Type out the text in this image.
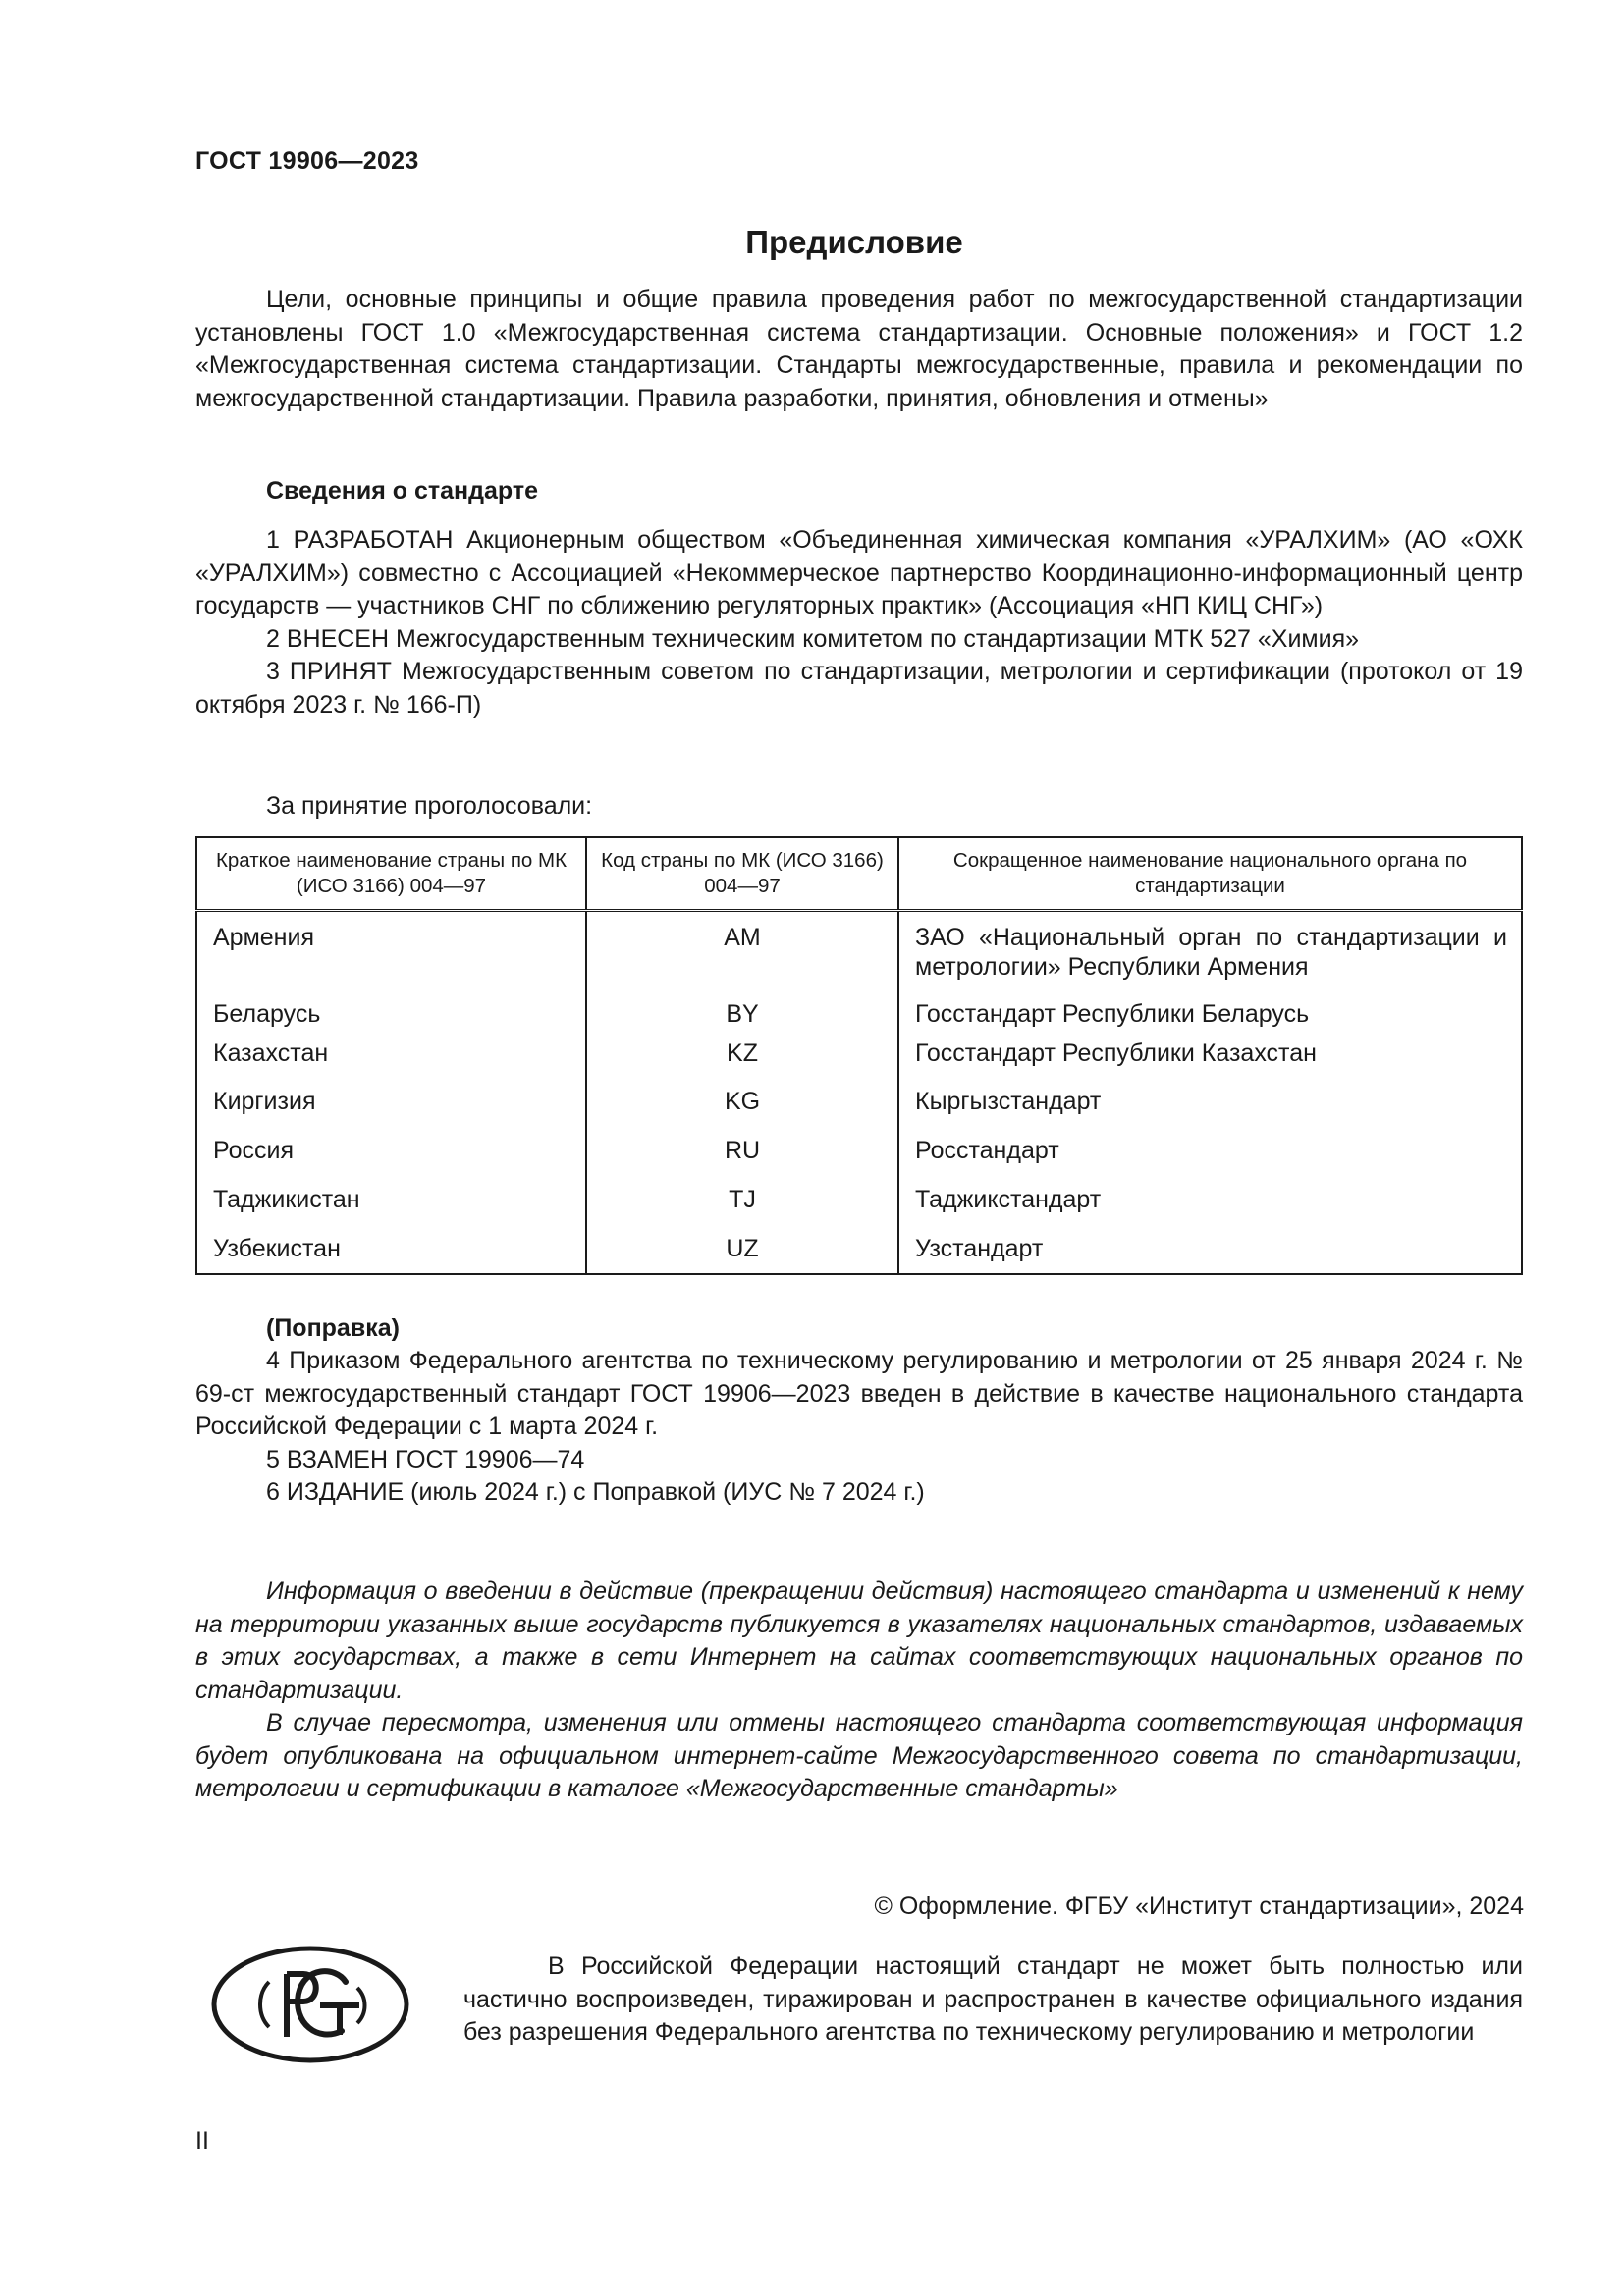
ГОСТ 19906—2023
Предисловие

Цели, основные принципы и общие правила проведения работ по межгосударственной стандартизации установлены ГОСТ 1.0 «Межгосударственная система стандартизации. Основные положения» и ГОСТ 1.2 «Межгосударственная система стандартизации. Стандарты межгосударственные, правила и рекомендации по межгосударственной стандартизации. Правила разработки, принятия, обновления и отмены»

Сведения о стандарте

1 РАЗРАБОТАН Акционерным обществом «Объединенная химическая компания «УРАЛХИМ» (АО «ОХК «УРАЛХИМ») совместно с Ассоциацией «Некоммерческое партнерство Координационно-информационный центр государств — участников СНГ по сближению регуляторных практик» (Ассоциация «НП КИЦ СНГ»)

2 ВНЕСЕН Межгосударственным техническим комитетом по стандартизации МТК 527 «Химия»

3 ПРИНЯТ Межгосударственным советом по стандартизации, метрологии и сертификации (протокол от 19 октября 2023 г. № 166-П)

За принятие проголосовали:

Краткое наименование страны по МК (ИСО 3166) 004—97	Код страны по МК (ИСО 3166) 004—97	Сокращенное наименование национального органа по стандартизации
Армения	AM	ЗАО «Национальный орган по стандартизации и метрологии» Республики Армения
Беларусь	BY	Госстандарт Республики Беларусь
Казахстан	KZ	Госстандарт Республики Казахстан
Киргизия	KG	Кыргызстандарт
Россия	RU	Росстандарт
Таджикистан	TJ	Таджикстандарт
Узбекистан	UZ	Узстандарт

(Поправка)

4 Приказом Федерального агентства по техническому регулированию и метрологии от 25 января 2024 г. № 69-ст межгосударственный стандарт ГОСТ 19906—2023 введен в действие в качестве национального стандарта Российской Федерации с 1 марта 2024 г.

5 ВЗАМЕН ГОСТ 19906—74

6 ИЗДАНИЕ (июль 2024 г.) с Поправкой (ИУС № 7 2024 г.)

Информация о введении в действие (прекращении действия) настоящего стандарта и изменений к нему на территории указанных выше государств публикуется в указателях национальных стандартов, издаваемых в этих государствах, а также в сети Интернет на сайтах соответствующих национальных органов по стандартизации.

В случае пересмотра, изменения или отмены настоящего стандарта соответствующая информация будет опубликована на официальном интернет-сайте Межгосударственного совета по стандартизации, метрологии и сертификации в каталоге «Межгосударственные стандарты»

© Оформление. ФГБУ «Институт стандартизации», 2024

В Российской Федерации настоящий стандарт не может быть полностью или частично воспроизведен, тиражирован и распространен в качестве официального издания без разрешения Федерального агентства по техническому регулированию и метрологии

II
